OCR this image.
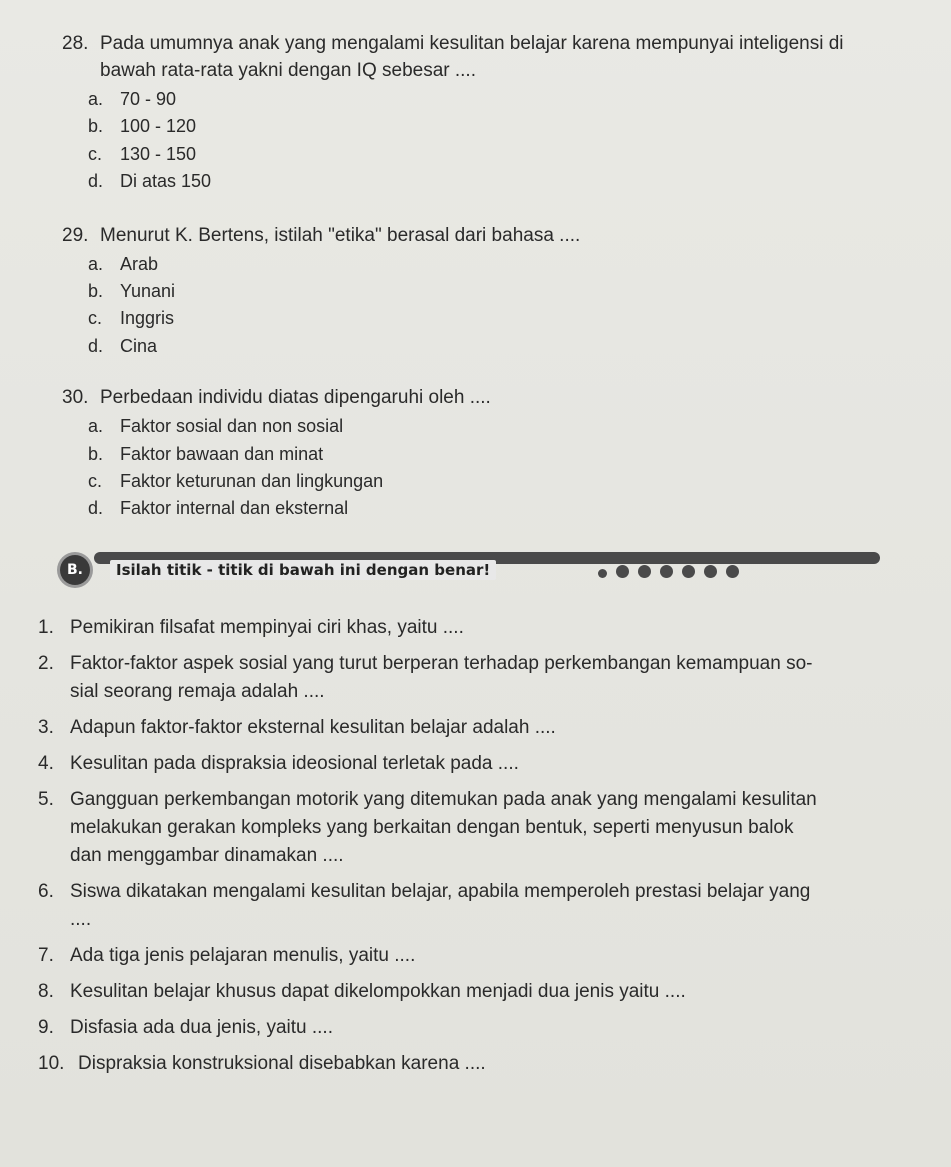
28. Pada umumnya anak yang mengalami kesulitan belajar karena mempunyai inteligensi di
bawah rata-rata yakni dengan IQ sebesar ....
a. 70 - 90
b. 100 - 120
c. 130 - 150
d. Di atas 150
29. Menurut K. Bertens, istilah "etika" berasal dari bahasa ....
a. Arab
b. Yunani
c. Inggris
d. Cina
30. Perbedaan individu diatas dipengaruhi oleh ....
a. Faktor sosial dan non sosial
b. Faktor bawaan dan minat
c. Faktor keturunan dan lingkungan
d. Faktor internal dan eksternal
B.	Isilah titik - titik di bawah ini dengan benar!
1. Pemikiran filsafat mempinyai ciri khas, yaitu ....
2. Faktor-faktor aspek sosial yang turut berperan terhadap perkembangan kemampuan so-
sial seorang remaja adalah ....
3. Adapun faktor-faktor eksternal kesulitan belajar adalah ....
4. Kesulitan pada dispraksia ideosional terletak pada ....
5. Gangguan perkembangan motorik yang ditemukan pada anak yang mengalami kesulitan
melakukan gerakan kompleks yang berkaitan dengan bentuk, seperti menyusun balok
dan menggambar dinamakan ....
6. Siswa dikatakan mengalami kesulitan belajar, apabila memperoleh prestasi belajar yang
....
7. Ada tiga jenis pelajaran menulis, yaitu ....
8. Kesulitan belajar khusus dapat dikelompokkan menjadi dua jenis yaitu ....
9. Disfasia ada dua jenis, yaitu ....
10. Dispraksia konstruksional disebabkan karena ....
